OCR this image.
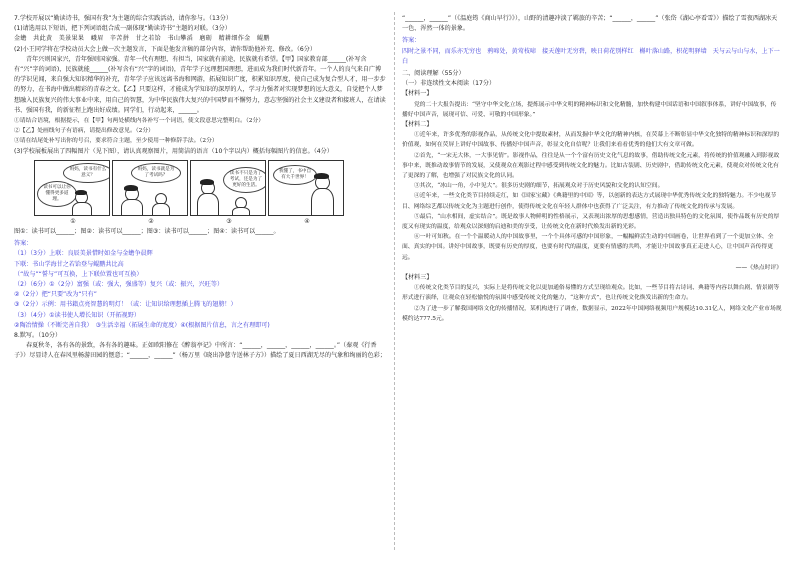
7.学校开展以“勤读诗书，强国有我”为主题的综合实践活动，请你参与。（13分）

(1)请选用以下短语，把下列词语组合成一副体现“勤读诗书”主题的对联。（3分）

金蟾　共此黄　美景果果　峨眉　辛苦拼　甘之若饴　书山攀滔　磨砺　精耕细作金　鲲鹏

(2)小王同学将在学校动员大会上做一次主题发言，下面是他发言稿的部分内容，请你帮助他补充、修改。（6分）

青年兴则国家兴，青年强则国家强。青年一代有理想、有担当，国家就有前途，民族就有希望。【甲】国家教育部______(补写含有“兴”字的词语)，民族就能______(补写含有“兴”字的词语)，青年学子远理想国理想，进而成为我们时代新青年。一个人的良气来自广博的学识见闻，来自强大知识精华的补充，青年学子应该远离书海和网游，拓展知识广度，积累知识厚度，使自己成为复合型人才，用一步步的努力，在书海中做出精彩的青春之文。【乙】只要这样，才能成为学知识的深厚的人，学习力强者对实现梦想的远大意义，自觉把个人梦想融入民族复兴的伟大事业中来，用自己的智慧，为中华民族伟大复兴的中国梦而不懈努力，意志坚强的社会主义建设者和接班人，在请读书、强国有我，的新征程上跑出好成绩。同学们，行动起来，______。

①请结合语境，根据提示，在【甲】句两处横线内各补写一个词语，使文段意思完整明白。（2分）

②【乙】处画线句子有语病，请提出修改意见。（2分）

③请在结尾处补写出你的号召，要求符合主题，至少使用一种修辞手法。（2分）

(3)学校展板展出了四幅图片（见下图），请认真观察图片，用简洁的语言（10个字以内）概括每幅图片的信息。（4分）

妈妈，读书有什么意义？
读书可以让你懂得更多道理。
妈妈，读书就是为了考试吗？	读书不只是为了考试，还是为了更好的生活。
我懂了，书中自有大千世界！
①	②	③	④

图①：读书可以______；图②：读书可以______；图③：读书可以______；图④：读书可以______。

答案：

（1）（3分）上联：良辰美景惜时如金与金蟾争晨辉

下联：书山学海甘之若饴登与鲲鹏共比高

（“故与”“誓与”可互换，上下联位置也可互换）

（2）（6分）①（2分）富强（或：强大，强盛等）复兴（或：振兴，兴旺等）

②（2分）把“只要”改为“只有”

③（2分）示例：用书籍点亮智慧的明灯！（或：让知识给理想插上腾飞的翅膀！）

（3）（4分）①读书使人增长知识（开拓视野）

②陶冶情操（不断完善自我）　③生活幸福（拓展生命的宽度）④(根据图片信息，言之有理即可)

8.默写。（10分）

春夏秋冬，各有各的景致，各有各的趣味。正如欧阳修在《醉翁亭记》中所言：“______，______，______，______。”（秦观《行香子》）尽显诗人在春风里畅游田园的惬意；“______，______”（杨万里《晓出净慈寺送林子方》）描绘了夏日西湖无尽的气象和绚丽的色彩；

“______，______”（《温庭筠《商山早行》》），山野的清趣冲淡了羁旅的辛苦；“______，______”（张岱《湖心亭看雪》）描绘了雪夜西湖冰天一色、浑然一体的景象。

答案：

四时之景不同，而乐亦无穷也　鸦啼处，黄莺枝啼　接天莲叶无穷碧，映日荷花别样红　槲叶落山路，枳花明驿墙　天与云与山与水，上下一白

二、阅读理解（55分）

（一）非连续性文本阅读（17分）

【材料一】

党的二十大报告提出：“坚守中华文化立场，提炼展示中华文明的精神标识和文化精髓，加快构建中国话语和中国叙事体系，讲好中国故事，传播好中国声音，展现可信、可爱、可敬的中国形象。”

【材料二】

①近年来，许多优秀的影视作品，从传统文化中提取素材，从而发掘中华文化的精神内核，在荧幕上不断彰显中华文化独特的精神标识和深厚的价值观，如何在荧屏上讲好中国故事、传播好中国声音，彰显文化自信呢？让我们来看看优秀的他们大有文章可做。

②首先，“一宋无大体，一大事见情”。影视作品，往往是从一个个富有历史文化气息的故事，借助传统文化元素，将传统的价值观融入到影视故事中来，既推动故事情节的发展，又使观众在观影过程中感受到传统文化的魅力。比如古装剧、历史剧中，借助传统文化元素，使观众对传统文化有了更深的了解，也增强了对民族文化的认同。

③其次，“冰山一角，小中见大”。很多历史剧的细节，拓展观众对于历史风貌和文化的认知空间。

④近年来，一些文化类节目持续走红，如《国家宝藏》《典籍里的中国》等，以创新的表达方式展现中华优秀传统文化的独特魅力。不少电视节目、网络综艺都以传统文化为主题进行创作，使得传统文化在年轻人群体中也获得了广泛关注，有力推动了传统文化的传承与发展。

⑤最后，“山水相间，虚实结合”。既是故事人物鲜明的性格展示，又表现出浓厚的思想感情，营造出独具特色的文化氛围，使作品既有历史的厚度又有现实的温度，给观众以深刻的启迪和美的享受，让传统文化在新时代焕发出新的光彩。

⑥一叶可知秋。在一个个温暖动人的中国故事里，一个个具体可感的中国形象，一幅幅鲜活生动的中国画卷，让世界看到了一个更加立体、全面、真实的中国。讲好中国故事，既要有历史的厚度，也要有时代的温度，更要有情感的共鸣，才能让中国故事真正走进人心，让中国声音传得更远。

——《热点时评》

【材料三】

①传统文化类节目的复兴，实际上是将传统文化以更加通俗易懂的方式呈现给观众。比如，一些节目将古诗词、典籍等内容以舞台剧、情景剧等形式进行演绎，让观众在轻松愉悦的氛围中感受传统文化的魅力，“这种方式”，也让传统文化焕发出新的生命力。

②为了进一步了解我国网络文化的传播情况，某机构进行了调查，数据显示，2022年中国网络视频用户规模达10.31亿人，网络文化产业市场规模约达777.5元。
